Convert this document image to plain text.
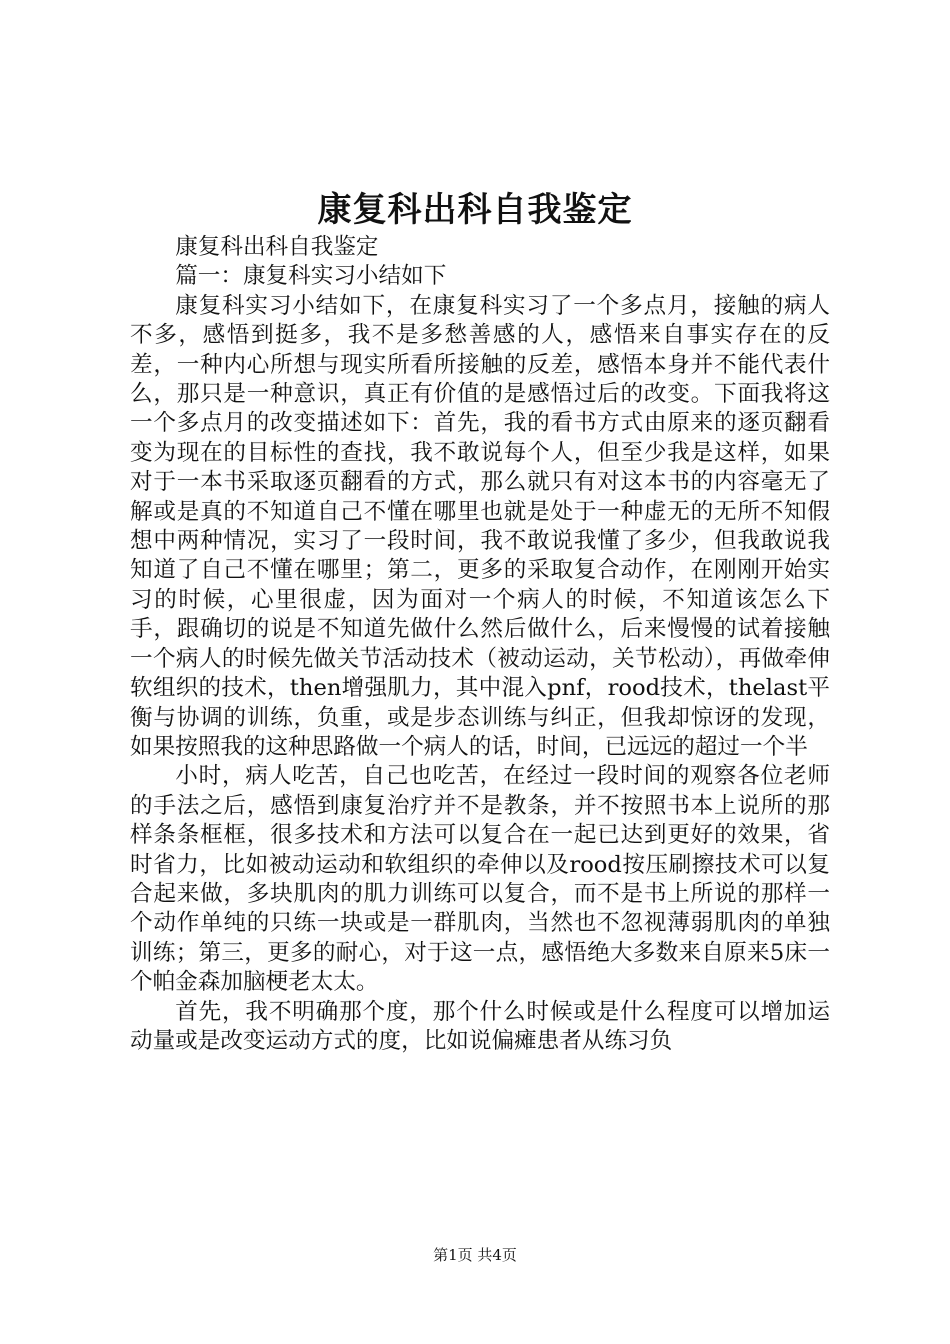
康复科出科自我鉴定

康复科出科自我鉴定

篇一：康复科实习小结如下

康复科实习小结如下，在康复科实习了一个多点月，接触的病人不多，感悟到挺多，我不是多愁善感的人，感悟来自事实存在的反差，一种内心所想与现实所看所接触的反差，感悟本身并不能代表什么，那只是一种意识，真正有价值的是感悟过后的改变。下面我将这一个多点月的改变描述如下：首先，我的看书方式由原来的逐页翻看变为现在的目标性的查找，我不敢说每个人，但至少我是这样，如果对于一本书采取逐页翻看的方式，那么就只有对这本书的内容毫无了解或是真的不知道自己不懂在哪里也就是处于一种虚无的无所不知假想中两种情况，实习了一段时间，我不敢说我懂了多少，但我敢说我知道了自己不懂在哪里；第二，更多的采取复合动作，在刚刚开始实习的时候，心里很虚，因为面对一个病人的时候，不知道该怎么下手，跟确切的说是不知道先做什么然后做什么，后来慢慢的试着接触一个病人的时候先做关节活动技术（被动运动，关节松动），再做牵伸软组织的技术，then增强肌力，其中混入pnf，rood技术，thelast平衡与协调的训练，负重，或是步态训练与纠正，但我却惊讶的发现，如果按照我的这种思路做一个病人的话，时间，已远远的超过一个半

小时，病人吃苦，自己也吃苦，在经过一段时间的观察各位老师的手法之后，感悟到康复治疗并不是教条，并不按照书本上说所的那样条条框框，很多技术和方法可以复合在一起已达到更好的效果，省时省力，比如被动运动和软组织的牵伸以及rood按压刷擦技术可以复合起来做，多块肌肉的肌力训练可以复合，而不是书上所说的那样一个动作单纯的只练一块或是一群肌肉，当然也不忽视薄弱肌肉的单独训练；第三，更多的耐心，对于这一点，感悟绝大多数来自原来5床一个帕金森加脑梗老太太。

首先，我不明确那个度，那个什么时候或是什么程度可以增加运动量或是改变运动方式的度，比如说偏瘫患者从练习负

第1页 共4页
